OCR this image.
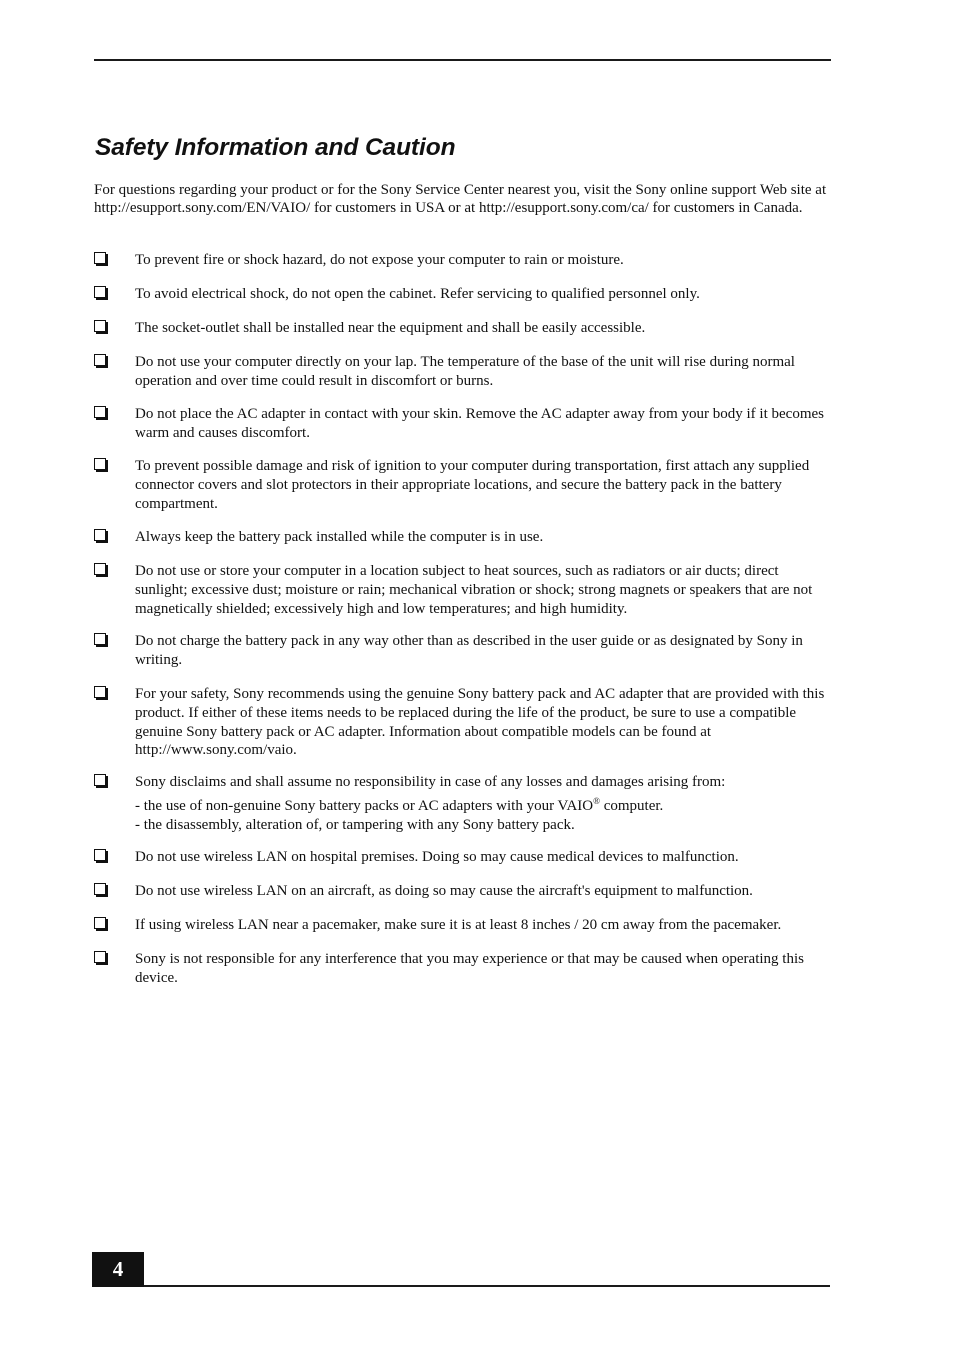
Safety Information and Caution

For questions regarding your product or for the Sony Service Center nearest you, visit the Sony online support Web site at http://esupport.sony.com/EN/VAIO/ for customers in USA or at http://esupport.sony.com/ca/ for customers in Canada.

To prevent fire or shock hazard, do not expose your computer to rain or moisture.

To avoid electrical shock, do not open the cabinet. Refer servicing to qualified personnel only.

The socket-outlet shall be installed near the equipment and shall be easily accessible.

Do not use your computer directly on your lap. The temperature of the base of the unit will rise during normal operation and over time could result in discomfort or burns.

Do not place the AC adapter in contact with your skin. Remove the AC adapter away from your body if it becomes warm and causes discomfort.

To prevent possible damage and risk of ignition to your computer during transportation, first attach any supplied connector covers and slot protectors in their appropriate locations, and secure the battery pack in the battery compartment.

Always keep the battery pack installed while the computer is in use.

Do not use or store your computer in a location subject to heat sources, such as radiators or air ducts; direct sunlight; excessive dust; moisture or rain; mechanical vibration or shock; strong magnets or speakers that are not magnetically shielded; excessively high and low temperatures; and high humidity.

Do not charge the battery pack in any way other than as described in the user guide or as designated by Sony in writing.

For your safety, Sony recommends using the genuine Sony battery pack and AC adapter that are provided with this product. If either of these items needs to be replaced during the life of the product, be sure to use a compatible genuine Sony battery pack or AC adapter. Information about compatible models can be found at http://www.sony.com/vaio.

Sony disclaims and shall assume no responsibility in case of any losses and damages arising from:
- the use of non-genuine Sony battery packs or AC adapters with your VAIO® computer.
- the disassembly, alteration of, or tampering with any Sony battery pack.

Do not use wireless LAN on hospital premises. Doing so may cause medical devices to malfunction.

Do not use wireless LAN on an aircraft, as doing so may cause the aircraft's equipment to malfunction.

If using wireless LAN near a pacemaker, make sure it is at least 8 inches / 20 cm away from the pacemaker.

Sony is not responsible for any interference that you may experience or that may be caused when operating this device.

4
